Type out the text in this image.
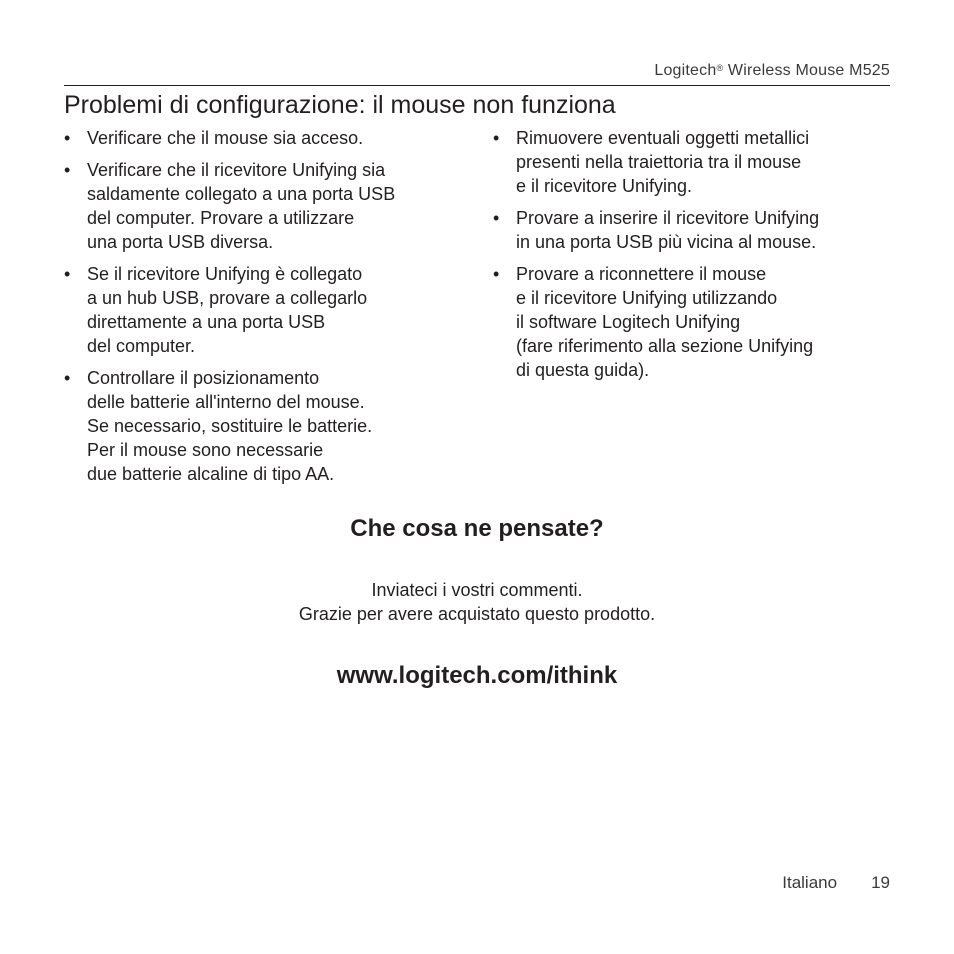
Logitech® Wireless Mouse M525
Problemi di configurazione: il mouse non funziona
• Verificare che il mouse sia acceso.
• Verificare che il ricevitore Unifying sia
saldamente collegato a una porta USB
del computer. Provare a utilizzare
una porta USB diversa.
• Se il ricevitore Unifying è collegato
a un hub USB, provare a collegarlo
direttamente a una porta USB
del computer.
• Controllare il posizionamento
delle batterie all'interno del mouse.
Se necessario, sostituire le batterie.
Per il mouse sono necessarie
due batterie alcaline di tipo AA.
• Rimuovere eventuali oggetti metallici
presenti nella traiettoria tra il mouse
e il ricevitore Unifying.
• Provare a inserire il ricevitore Unifying
in una porta USB più vicina al mouse.
• Provare a riconnettere il mouse
e il ricevitore Unifying utilizzando
il software Logitech Unifying
(fare riferimento alla sezione Unifying
di questa guida).
Che cosa ne pensate?
Inviateci i vostri commenti.
Grazie per avere acquistato questo prodotto.
www.logitech.com/ithink
Italiano 19
